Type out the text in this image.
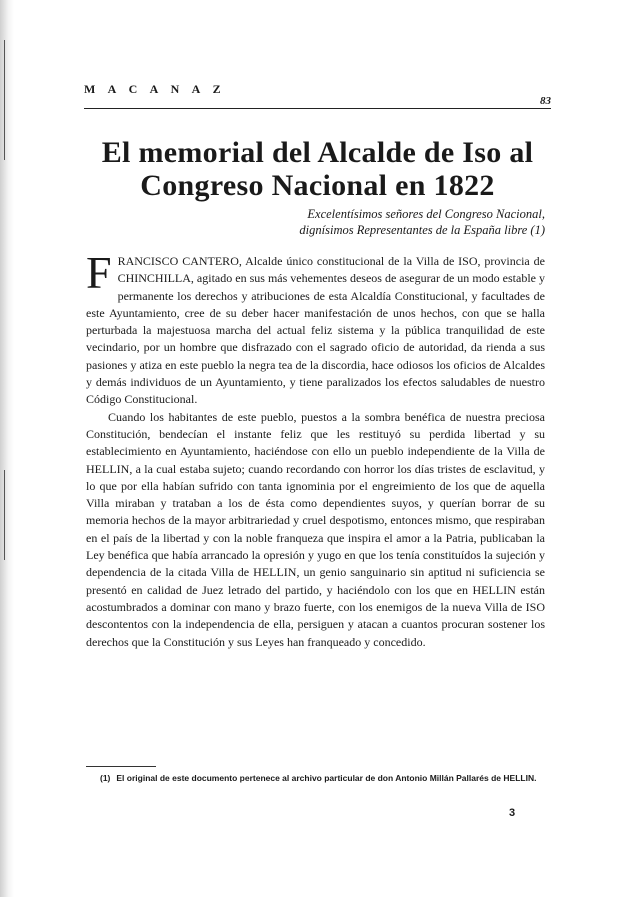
M A C A N A Z
83
El memorial del Alcalde de Iso al Congreso Nacional en 1822
Excelentísimos señores del Congreso Nacional,
dignísimos Representantes de la España libre (1)

FRANCISCO CANTERO, Alcalde único constitucional de la Villa de ISO, provincia de CHINCHILLA, agitado en sus más vehementes deseos de asegurar de un modo estable y permanente los derechos y atribuciones de esta Alcaldía Constitucional, y facultades de este Ayuntamiento, cree de su deber hacer manifestación de unos hechos, con que se halla perturbada la majestuosa marcha del actual feliz sistema y la pública tranquilidad de este vecindario, por un hombre que disfrazado con el sagrado oficio de autoridad, da rienda a sus pasiones y atiza en este pueblo la negra tea de la discordia, hace odiosos los oficios de Alcaldes y demás individuos de un Ayuntamiento, y tiene paralizados los efectos saludables de nuestro Código Constitucional.

Cuando los habitantes de este pueblo, puestos a la sombra benéfica de nuestra preciosa Constitución, bendecían el instante feliz que les restituyó su perdida libertad y su establecimiento en Ayuntamiento, haciéndose con ello un pueblo independiente de la Villa de HELLIN, a la cual estaba sujeto; cuando recordando con horror los días tristes de esclavitud, y lo que por ella habían sufrido con tanta ignominia por el engreimiento de los que de aquella Villa miraban y trataban a los de ésta como dependientes suyos, y querían borrar de su memoria hechos de la mayor arbitrariedad y cruel despotismo, entonces mismo, que respiraban en el país de la libertad y con la noble franqueza que inspira el amor a la Patria, publicaban la Ley benéfica que había arrancado la opresión y yugo en que los tenía constituídos la sujeción y dependencia de la citada Villa de HELLIN, un genio sanguinario sin aptitud ni suficiencia se presentó en calidad de Juez letrado del partido, y haciéndolo con los que en HELLIN están acostumbrados a dominar con mano y brazo fuerte, con los enemigos de la nueva Villa de ISO descontentos con la independencia de ella, persiguen y atacan a cuantos procuran sostener los derechos que la Constitución y sus Leyes han franqueado y concedido.

(1) El original de este documento pertenece al archivo particular de don Antonio Millán Pallarés de HELLIN.
3
